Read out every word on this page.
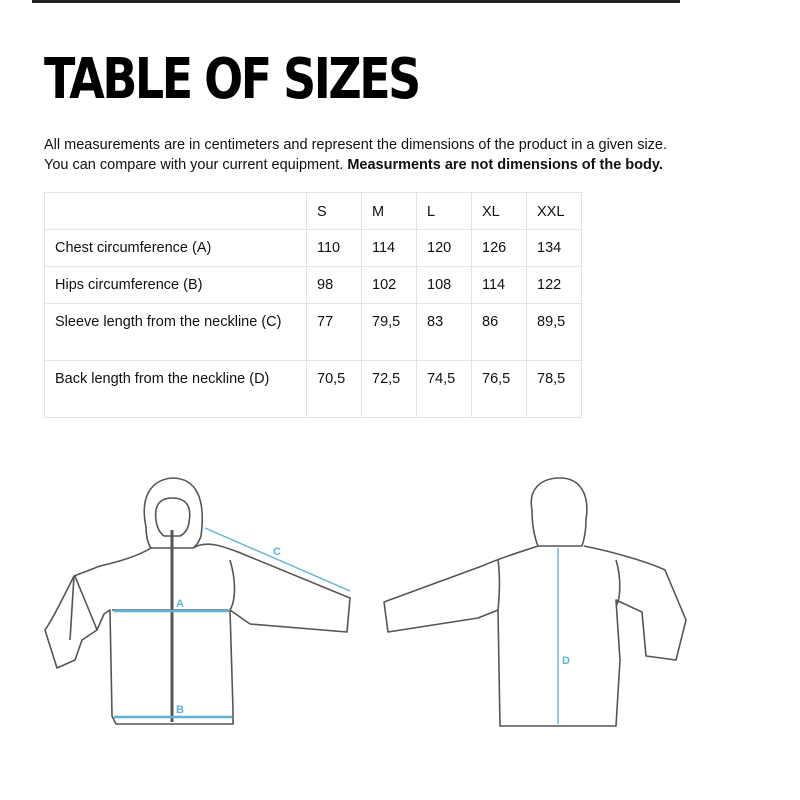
TABLE OF SIZES

All measurements are in centimeters and represent the dimensions of the product in a given size.
You can compare with your current equipment. Measurments are not dimensions of the body.

	S	M	L	XL	XXL
Chest circumference (A)	110	114	120	126	134
Hips circumference (B)	98	102	108	114	122
Sleeve length from the neckline (C)	77	79,5	83	86	89,5
Back length from the neckline (D)	70,5	72,5	74,5	76,5	78,5
A
B
C
D
